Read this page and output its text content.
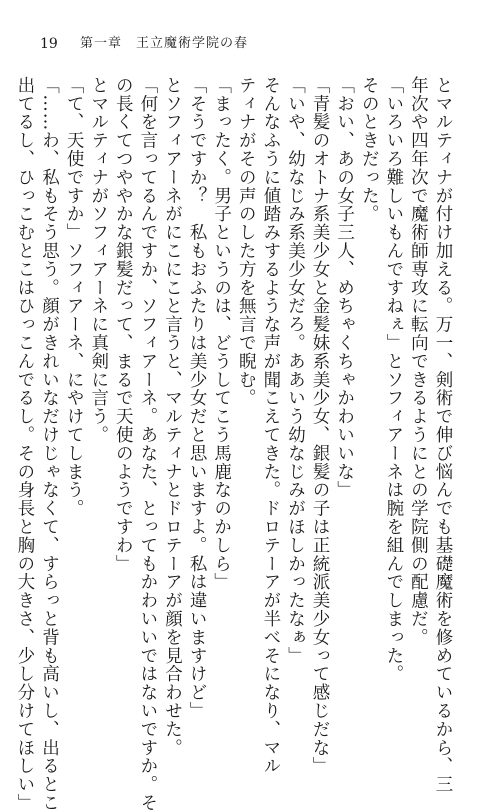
19 第一章　王立魔術学院の春
とマルティナが付け加える。万一、剣術で伸び悩んでも基礎魔術を修めているから、三
年次や四年次で魔術師専攻に転向できるようにとの学院側の配慮だ。
「いろいろ難しいもんですねぇ」とソフィアーネは腕を組んでしまった。
そのときだった。
「おい、あの女子三人、めちゃくちゃかわいいな」
「青髪のオトナ系美少女と金髪妹系美少女、銀髪の子は正統派美少女って感じだな」
「いや、幼なじみ系美少女だろ。ああいう幼なじみがほしかったなぁ」
そんなふうに値踏みするような声が聞こえてきた。ドロテーアが半べそになり、マル
ティナがその声のした方を無言で睨む。
「まったく。男子というのは、どうしてこう馬鹿なのかしら」
「そうですか？　私もおふたりは美少女だと思いますよ。私は違いますけど」
とソフィアーネがにこにこと言うと、マルティナとドロテーアが顔を見合わせた。
「何を言ってるんですか、ソフィアーネ。あなた、とってもかわいいではないですか。そ
の長くてつややかな銀髪だって、まるで天使のようですわ」
とマルティナがソフィアーネに真剣に言う。
「て、天使ですか」ソフィアーネ、にやけてしまう。
「……わ、私もそう思う。顔がきれいなだけじゃなくて、すらっと背も高いし、出るとこ
出てるし、ひっこむとこはひっこんでるし。その身長と胸の大きさ、少し分けてほしい」
